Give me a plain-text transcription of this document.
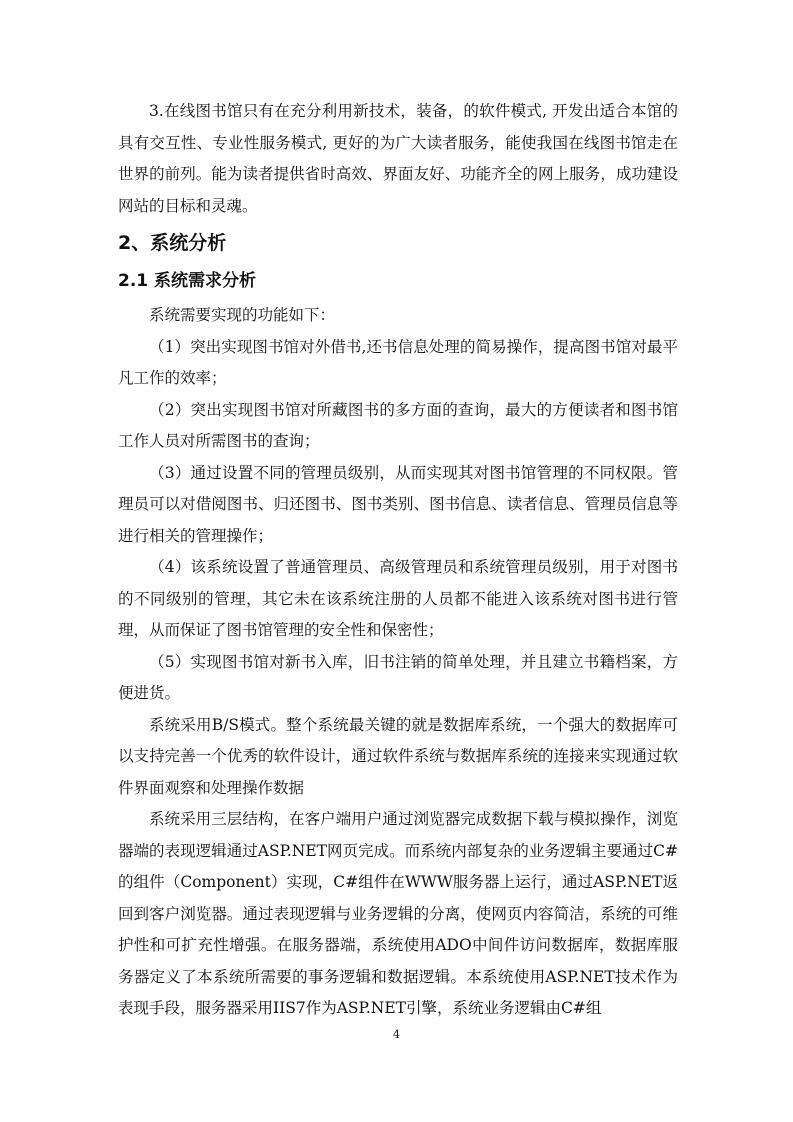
3.在线图书馆只有在充分利用新技术，装备，的软件模式, 开发出适合本馆的具有交互性、专业性服务模式, 更好的为广大读者服务，能使我国在线图书馆走在世界的前列。能为读者提供省时高效、界面友好、功能齐全的网上服务，成功建设网站的目标和灵魂。

2、系统分析
2.1 系统需求分析

系统需要实现的功能如下：

（1）突出实现图书馆对外借书,还书信息处理的简易操作，提高图书馆对最平凡工作的效率；

（2）突出实现图书馆对所藏图书的多方面的查询，最大的方便读者和图书馆工作人员对所需图书的查询；

（3）通过设置不同的管理员级别，从而实现其对图书馆管理的不同权限。管理员可以对借阅图书、归还图书、图书类别、图书信息、读者信息、管理员信息等进行相关的管理操作；

（4）该系统设置了普通管理员、高级管理员和系统管理员级别，用于对图书的不同级别的管理，其它未在该系统注册的人员都不能进入该系统对图书进行管理，从而保证了图书馆管理的安全性和保密性；

（5）实现图书馆对新书入库，旧书注销的简单处理，并且建立书籍档案，方便进货。

系统采用B/S模式。整个系统最关键的就是数据库系统，一个强大的数据库可以支持完善一个优秀的软件设计，通过软件系统与数据库系统的连接来实现通过软件界面观察和处理操作数据

系统采用三层结构，在客户端用户通过浏览器完成数据下载与模拟操作，浏览器端的表现逻辑通过ASP.NET网页完成。而系统内部复杂的业务逻辑主要通过C#的组件（Component）实现，C#组件在WWW服务器上运行，通过ASP.NET返回到客户浏览器。通过表现逻辑与业务逻辑的分离，使网页内容简洁，系统的可维护性和可扩充性增强。在服务器端，系统使用ADO中间件访问数据库，数据库服务器定义了本系统所需要的事务逻辑和数据逻辑。本系统使用ASP.NET技术作为表现手段，服务器采用IIS7作为ASP.NET引擎，系统业务逻辑由C#组

4
